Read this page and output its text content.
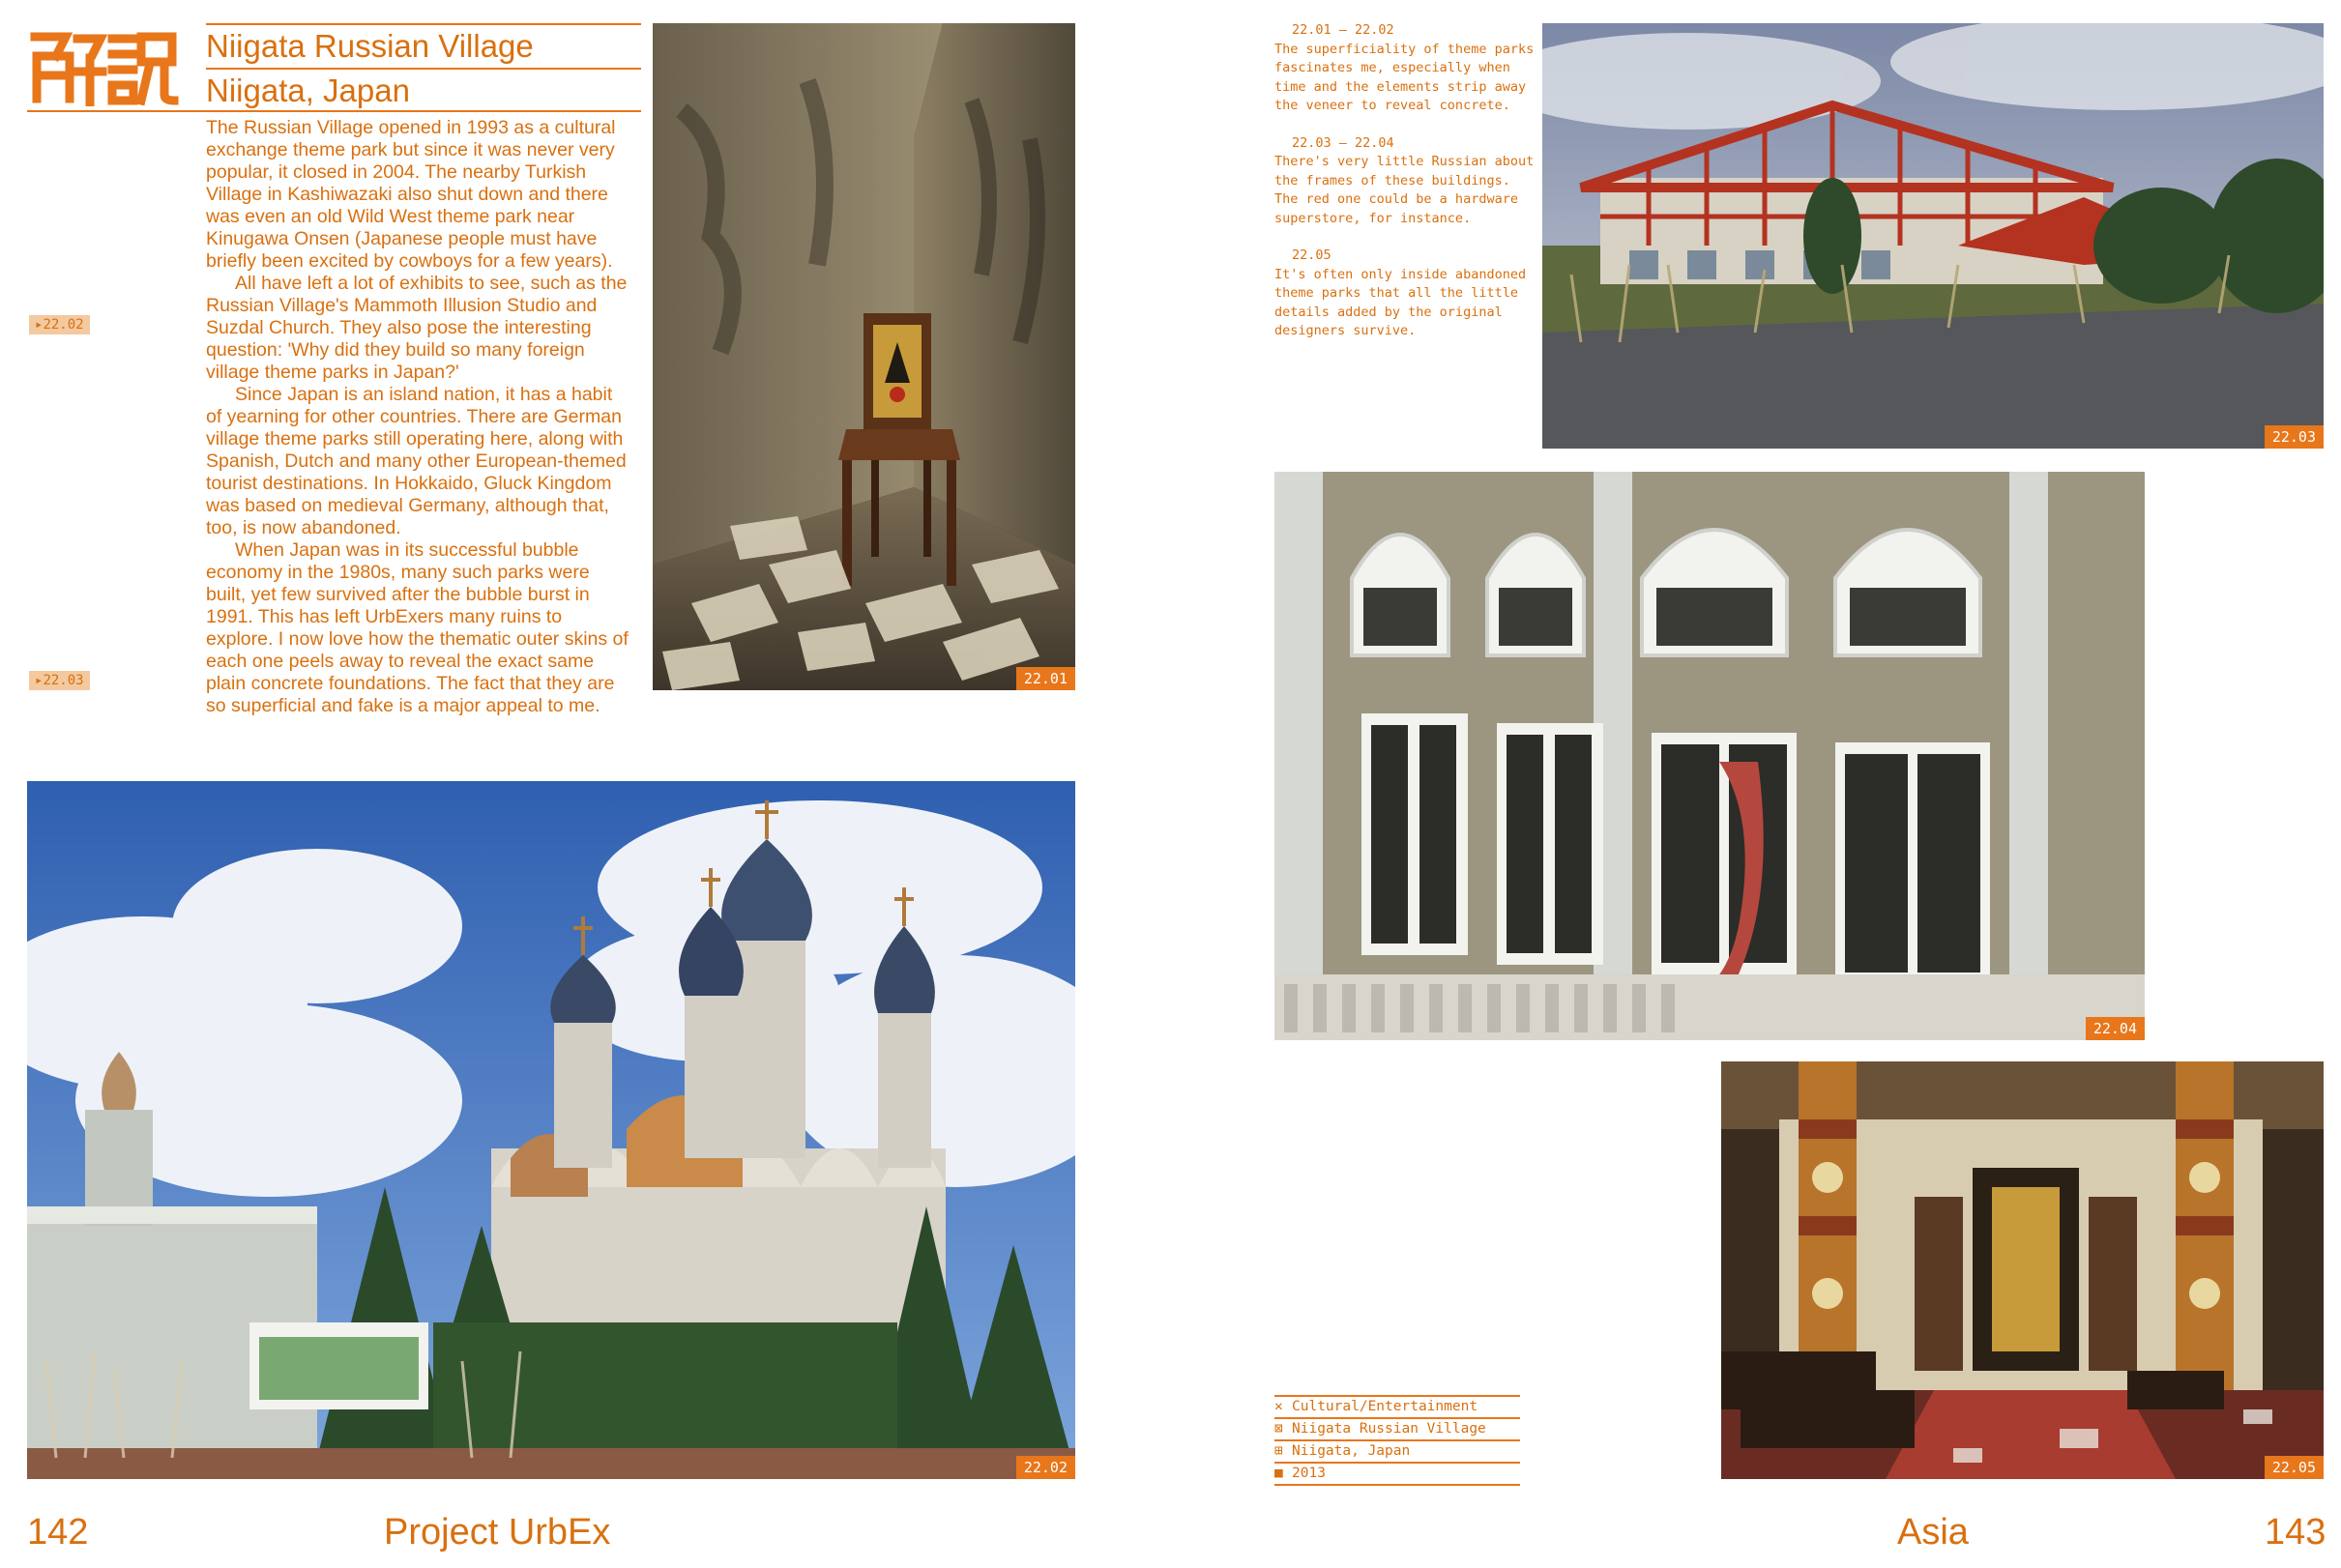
Niigata Russian Village
Niigata, Japan
▸22.02
▸22.03

The Russian Village opened in 1993 as a cultural exchange theme park but since it was never very popular, it closed in 2004. The nearby Turkish Village in Kashiwazaki also shut down and there was even an old Wild West theme park near Kinugawa Onsen (Japanese people must have briefly been excited by cowboys for a few years).

All have left a lot of exhibits to see, such as the Russian Village's Mammoth Illusion Studio and Suzdal Church. They also pose the interesting question: 'Why did they build so many foreign village theme parks in Japan?'

Since Japan is an island nation, it has a habit of yearning for other countries. There are German village theme parks still operating here, along with Spanish, Dutch and many other European-themed tourist destinations. In Hokkaido, Gluck Kingdom was based on medieval Germany, although that, too, is now abandoned.

When Japan was in its successful bubble economy in the 1980s, many such parks were built, yet few survived after the bubble burst in 1991. This has left UrbExers many ruins to explore. I now love how the thematic outer skins of each one peels away to reveal the exact same plain concrete foundations. The fact that they are so superficial and fake is a major appeal to me.

22.01
22.02
142	Project UrbEx
22.01 – 22.02
The superficiality of theme parks fascinates me, especially when time and the elements strip away the veneer to reveal concrete.
22.03 – 22.04
There's very little Russian about the frames of these buildings. The red one could be a hardware superstore, for instance.
22.05
It's often only inside abandoned theme parks that all the little details added by the original designers survive.
22.03
22.04
22.05
✕ Cultural/Entertainment
⊠ Niigata Russian Village
⊞ Niigata, Japan
■ 2013
Asia	143
